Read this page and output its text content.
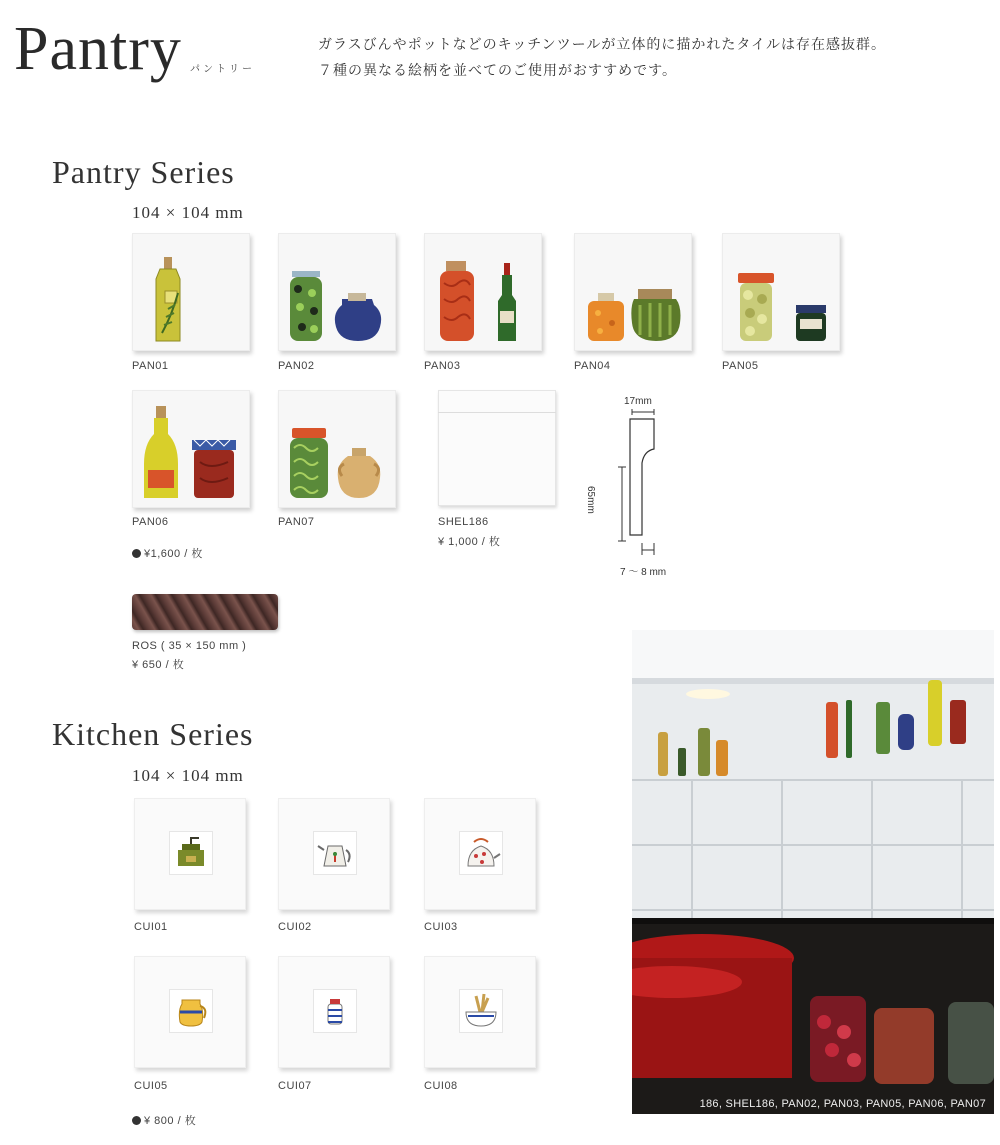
Pantry パントリー
ガラスびんやポットなどのキッチンツールが立体的に描かれたタイルは存在感抜群。
７種の異なる絵柄を並べてのご使用がおすすめです。
Pantry Series
104 × 104 mm
PAN01	PAN02	PAN03	PAN04	PAN05
PAN06	PAN07	SHEL186
¥ 1,000 / 枚
17mm
65mm
7 ～ 8 mm
¥1,600 / 枚
ROS ( 35 × 150 mm )
¥ 650 / 枚
Kitchen Series
104 × 104 mm
CUI01	CUI02	CUI03
CUI05	CUI07	CUI08
¥ 800 / 枚
186, SHEL186, PAN02, PAN03, PAN05, PAN06, PAN07
